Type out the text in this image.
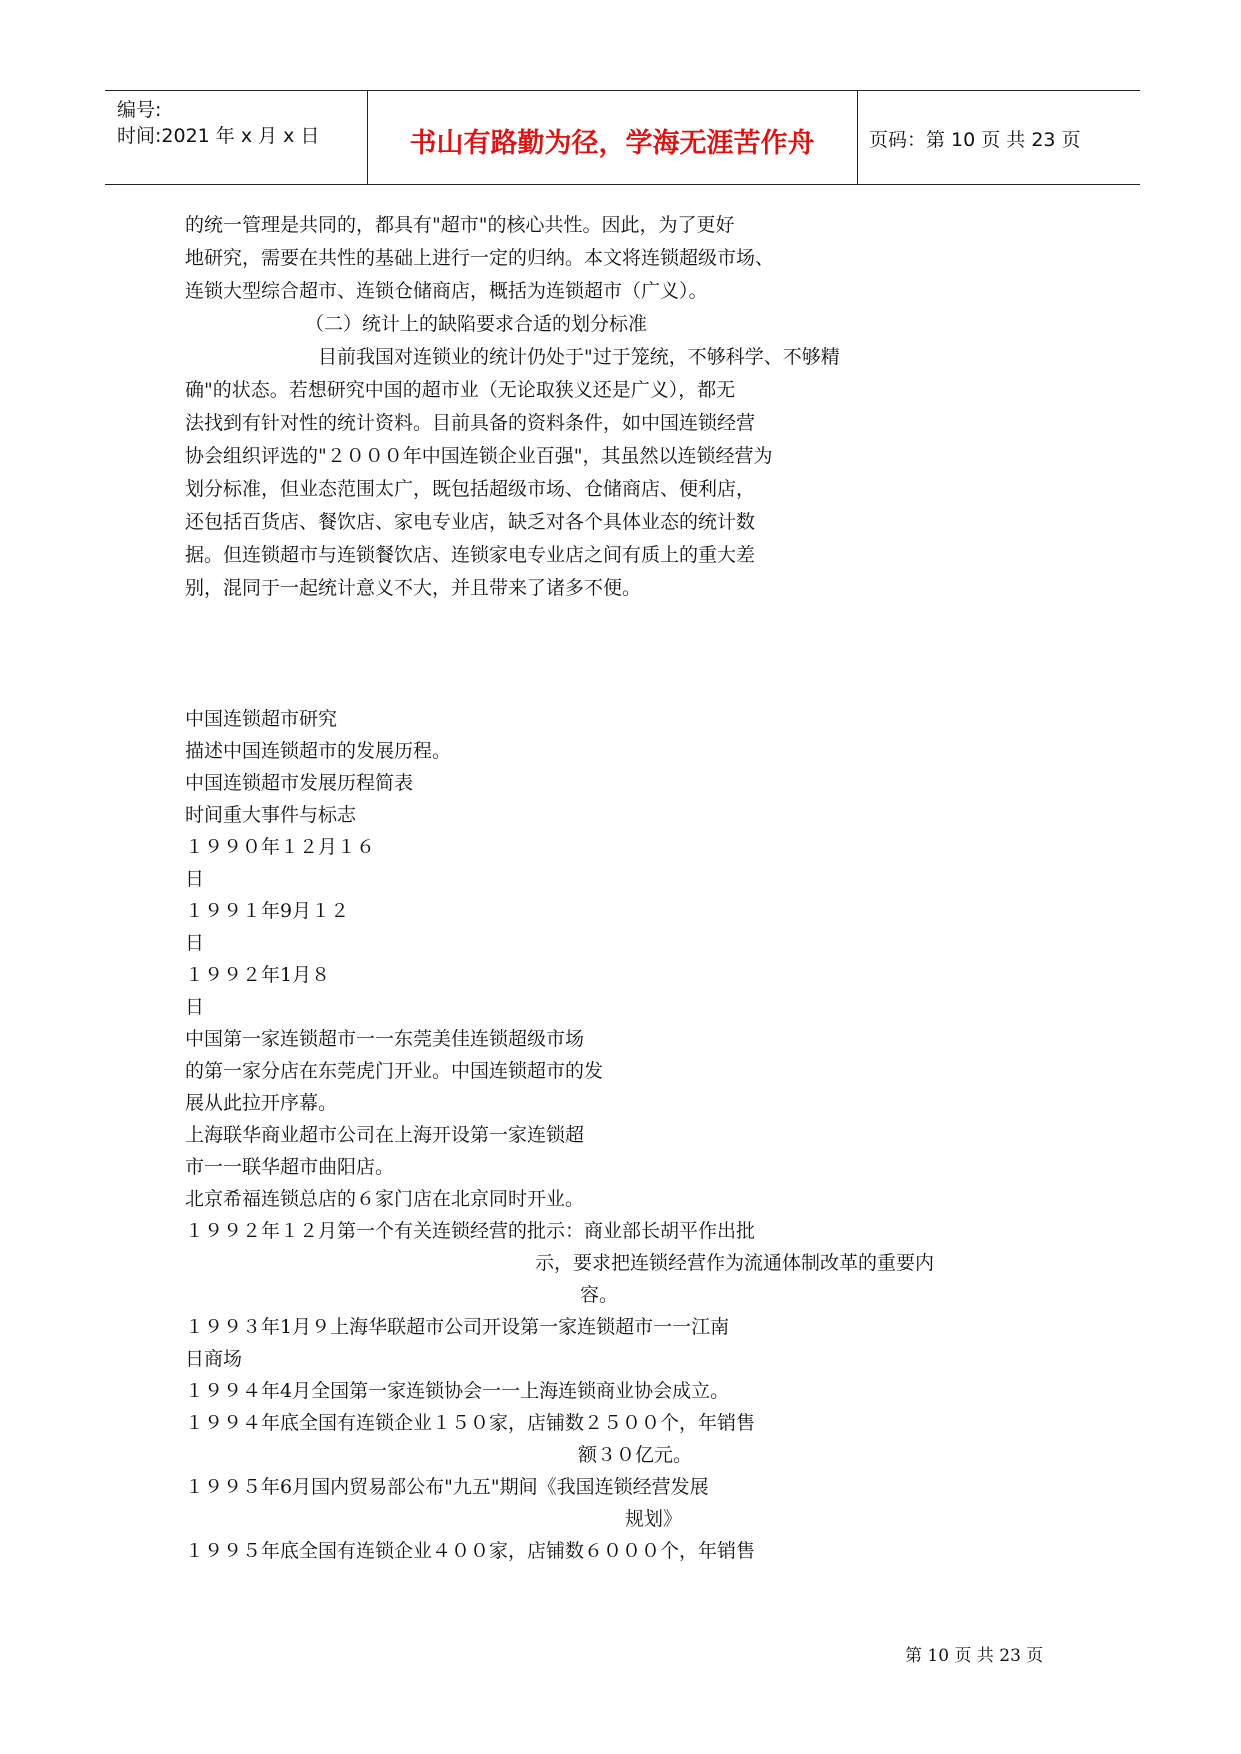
编号:
时间:2021 年 x 月 x 日	书山有路勤为径，学海无涯苦作舟	页码：第 10 页 共 23 页
的统一管理是共同的，都具有"超市"的核心共性。因此，为了更好
地研究，需要在共性的基础上进行一定的归纳。本文将连锁超级市场、
连锁大型综合超市、连锁仓储商店，概括为连锁超市（广义）。
（二）统计上的缺陷要求合适的划分标准
目前我国对连锁业的统计仍处于"过于笼统，不够科学、不够精
确"的状态。若想研究中国的超市业（无论取狭义还是广义），都无
法找到有针对性的统计资料。目前具备的资料条件，如中国连锁经营
协会组织评选的"２０００年中国连锁企业百强"，其虽然以连锁经营为
划分标准，但业态范围太广，既包括超级市场、仓储商店、便利店，
还包括百货店、餐饮店、家电专业店，缺乏对各个具体业态的统计数
据。但连锁超市与连锁餐饮店、连锁家电专业店之间有质上的重大差
别，混同于一起统计意义不大，并且带来了诸多不便。
中国连锁超市研究
描述中国连锁超市的发展历程。
中国连锁超市发展历程简表
时间重大事件与标志
１９９０年１２月１６
日
１９９１年9月１２
日
１９９２年1月８
日
中国第一家连锁超市一一东莞美佳连锁超级市场
的第一家分店在东莞虎门开业。中国连锁超市的发
展从此拉开序幕。
上海联华商业超市公司在上海开设第一家连锁超
市一一联华超市曲阳店。
北京希福连锁总店的６家门店在北京同时开业。
１９９２年１２月第一个有关连锁经营的批示：商业部长胡平作出批
示，要求把连锁经营作为流通体制改革的重要内
容。
１９９３年1月９上海华联超市公司开设第一家连锁超市一一江南
日商场
１９９４年4月全国第一家连锁协会一一上海连锁商业协会成立。
１９９４年底全国有连锁企业１５０家，店铺数２５００个，年销售
额３０亿元。
１９９５年6月国内贸易部公布"九五"期间《我国连锁经营发展
规划》
１９９５年底全国有连锁企业４００家，店铺数６０００个，年销售
第 10 页 共 23 页
